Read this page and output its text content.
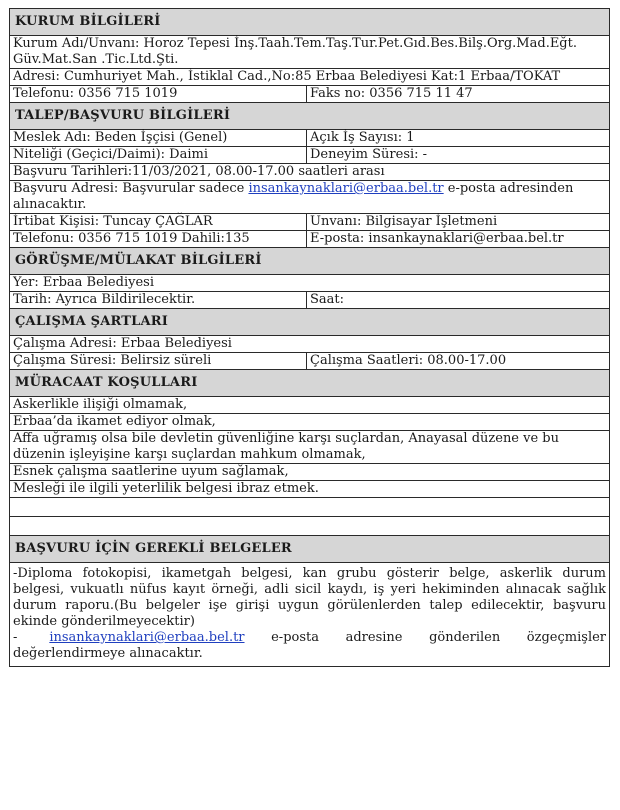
KURUM BİLGİLERİ	

Kurum Adı/Unvanı: Horoz Tepesi İnş.Taah.Tem.Taş.Tur.Pet.Gıd.Bes.Bilş.Org.Mad.Eğt.
Güv.Mat.San .Tic.Ltd.Şti.	

Adresi: Cumhuriyet Mah., İstiklal Cad.,No:85 Erbaa Belediyesi Kat:1 Erbaa/TOKAT	
Telefonu: 0356 715 1019	Faks no: 0356 715 11 47
TALEP/BAŞVURU BİLGİLERİ	
Meslek Adı: Beden İşçisi (Genel)	Açık İş Sayısı: 1
Niteliği (Geçici/Daimi): Daimi	Deneyim Süresi: -
Başvuru Tarihleri:11/03/2021, 08.00-17.00 saatleri arası	
Başvuru Adresi: Başvurular sadece insankaynaklari@erbaa.bel.tr e-posta adresinden alınacaktır.	
İrtibat Kişisi: Tuncay ÇAĞLAR	Unvanı: Bilgisayar İşletmeni
Telefonu: 0356 715 1019 Dahili:135	E-posta: insankaynaklari@erbaa.bel.tr
GÖRÜŞME/MÜLAKAT BİLGİLERİ	
Yer: Erbaa Belediyesi	
Tarih: Ayrıca Bildirilecektir.	Saat:
ÇALIŞMA ŞARTLARI	
Çalışma Adresi: Erbaa Belediyesi	
Çalışma Süresi: Belirsiz süreli	Çalışma Saatleri: 08.00-17.00
MÜRACAAT KOŞULLARI	
Askerlikle ilişiği olmamak,	
Erbaa’da ikamet ediyor olmak,	
Affa uğramış olsa bile devletin güvenliğine karşı suçlardan, Anayasal düzene ve bu düzenin işleyişine karşı suçlardan mahkum olmamak,	
Esnek çalışma saatlerine uyum sağlamak,	
Mesleği ile ilgili yeterlilik belgesi ibraz etmek.	

BAŞVURU İÇİN GEREKLİ BELGELER	

-Diploma fotokopisi, ikametgah belgesi, kan grubu gösterir belge, askerlik durum belgesi, vukuatlı nüfus kayıt örneği, adli sicil kaydı, iş yeri hekiminden alınacak sağlık durum raporu.(Bu belgeler işe girişi uygun görülenlerden talep edilecektir, başvuru ekinde gönderilmeyecektir)
-      insankaynaklari@erbaa.bel.tr     e-posta     adresine     gönderilen     özgeçmişler değerlendirmeye alınacaktır.	
